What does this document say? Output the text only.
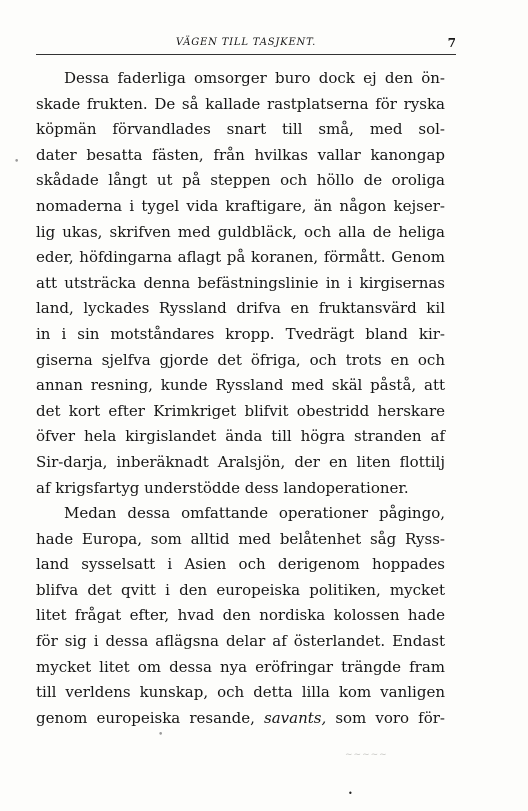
VÄGEN TILL TASJKENT.	7
Dessa faderliga omsorger buro dock ej den ön-
skade frukten. De så kallade rastplatserna för ryska
köpmän förvandlades snart till små, med sol-
dater besatta fästen, från hvilkas vallar kanongap
skådade långt ut på steppen och höllo de oroliga
nomaderna i tygel vida kraftigare, än någon kejser-
lig ukas, skrifven med guldbläck, och alla de heliga
eder, höfdingarna aflagt på koranen, förmått. Genom
att utsträcka denna befästningslinie in i kirgisernas
land, lyckades Ryssland drifva en fruktansvärd kil
in i sin motståndares kropp. Tvedrägt bland kir-
giserna sjelfva gjorde det öfriga, och trots en och
annan resning, kunde Ryssland med skäl påstå, att
det kort efter Krimkriget blifvit obestridd herskare
öfver hela kirgislandet ända till högra stranden af
Sir-darja, inberäknadt Aralsjön, der en liten flottilj
af krigsfartyg understödde dess landoperationer.
Medan dessa omfattande operationer pågingo,
hade Europa, som alltid med belåtenhet såg Ryss-
land sysselsatt i Asien och derigenom hoppades
blifva det qvitt i den europeiska politiken, mycket
litet frågat efter, hvad den nordiska kolossen hade
för sig i dessa aflägsna delar af österlandet. Endast
mycket litet om dessa nya eröfringar trängde fram
till verldens kunskap, och detta lilla kom vanligen
genom europeiska resande, savants, som voro för-
•
•
•
~~~~~
